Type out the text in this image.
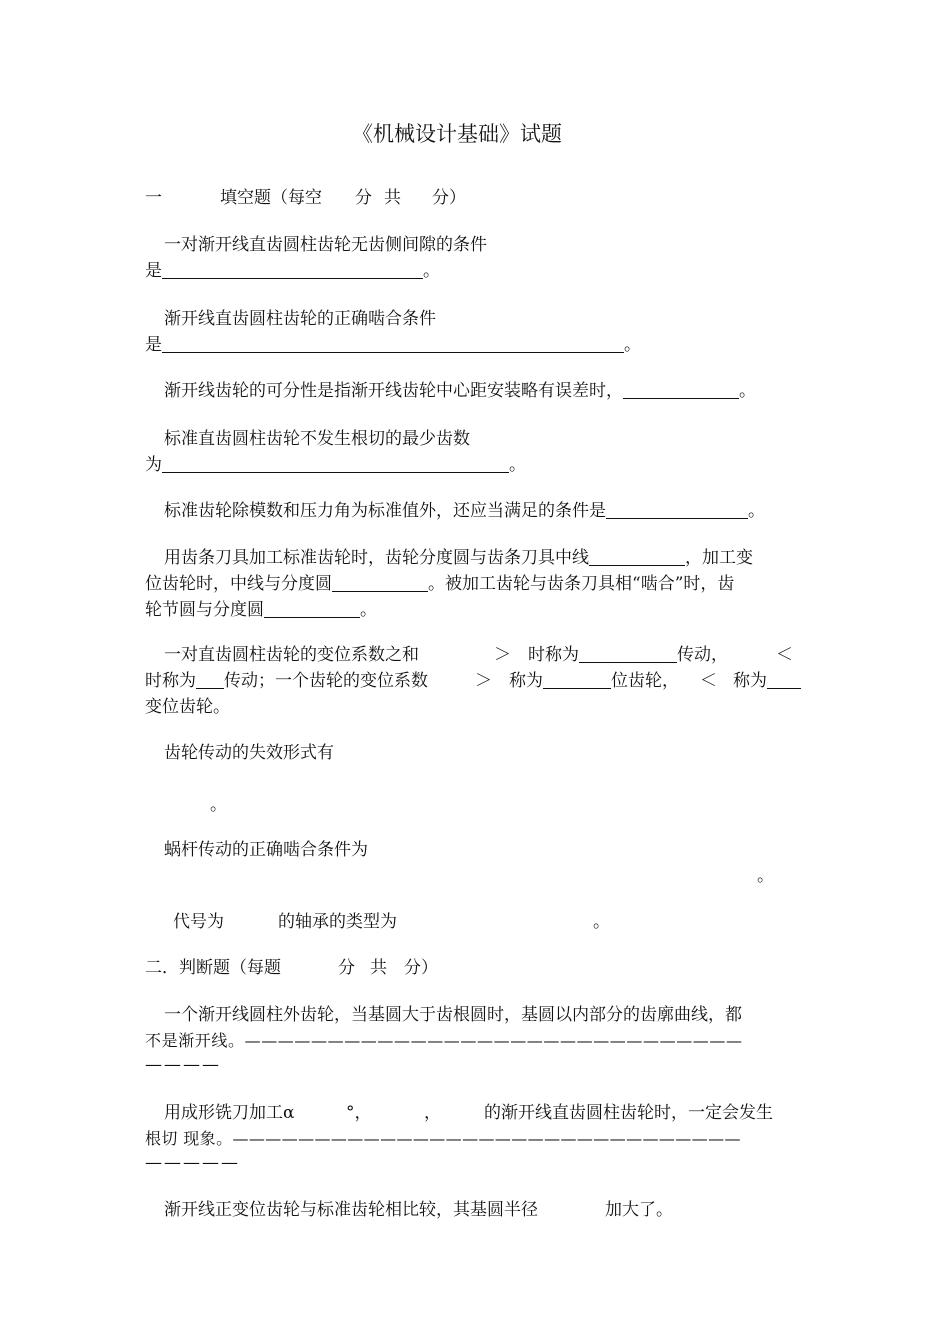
《机械设计基础》试题
一	填空题（每空 分 共 分）
一对渐开线直齿圆柱齿轮无齿侧间隙的条件
是	。
渐开线直齿圆柱齿轮的正确啮合条件
是	。
渐开线齿轮的可分性是指渐开线齿轮中心距安装略有误差时，	。
标准直齿圆柱齿轮不发生根切的最少齿数
为	。
标准齿轮除模数和压力角为标准值外，还应当满足的条件是	。
用齿条刀具加工标准齿轮时，齿轮分度圆与齿条刀具中线	，加工变
位齿轮时，中线与分度圆	。被加工齿轮与齿条刀具相“啮合”时，齿
轮节圆与分度圆	。
一对直齿圆柱齿轮的变位系数之和	＞ 时称为	传动，	＜
时称为 传动；一个齿轮的变位系数	＞ 称为	位齿轮， ＜ 称为
变位齿轮。
齿轮传动的失效形式有
。
蜗杆传动的正确啮合条件为
。
代号为	的轴承的类型为	。
二．判断题（每题	分 共 分）
一个渐开线圆柱外齿轮，当基圆大于齿根圆时，基圆以内部分的齿廓曲线，都
不是渐开线。——————————————————————————————
————
用成形铣刀加工α	°，	，	的渐开线直齿圆柱齿轮时，一定会发生
根切 现象。———————————————————————————————
—————
渐开线正变位齿轮与标准齿轮相比较，其基圆半径	加大了。
